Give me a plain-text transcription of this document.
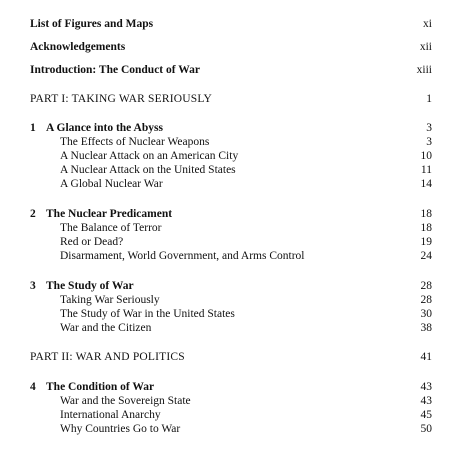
List of Figures and Maps	xi
Acknowledgements	xii
Introduction: The Conduct of War	xiii
PART I: TAKING WAR SERIOUSLY	1
1 A Glance into the Abyss	3
The Effects of Nuclear Weapons	3
A Nuclear Attack on an American City	10
A Nuclear Attack on the United States	11
A Global Nuclear War	14
2 The Nuclear Predicament	18
The Balance of Terror	18
Red or Dead?	19
Disarmament, World Government, and Arms Control	24
3 The Study of War	28
Taking War Seriously	28
The Study of War in the United States	30
War and the Citizen	38
PART II: WAR AND POLITICS	41
4 The Condition of War	43
War and the Sovereign State	43
International Anarchy	45
Why Countries Go to War	50
